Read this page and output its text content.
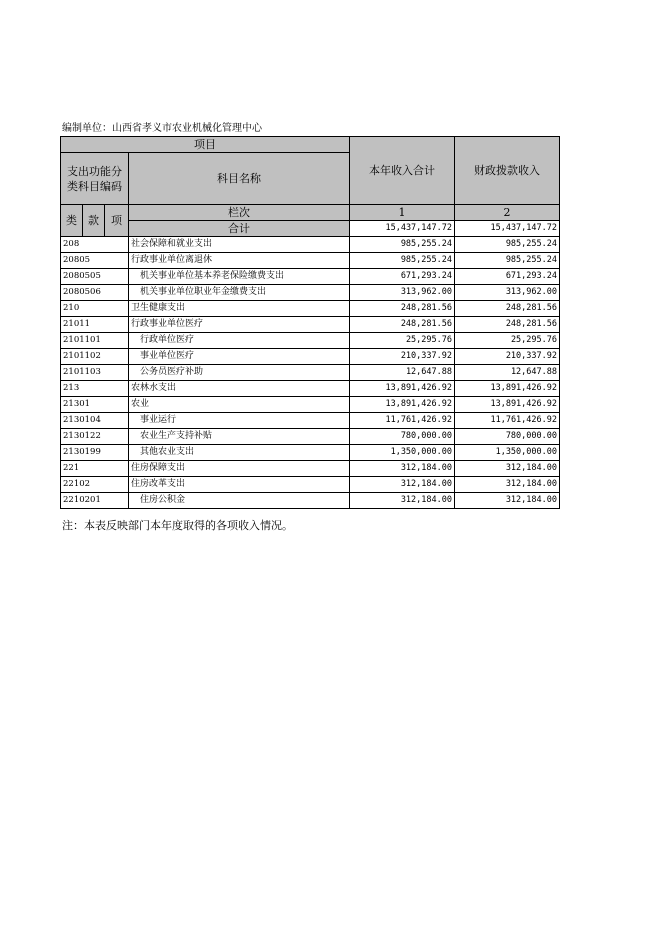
编制单位：山西省孝义市农业机械化管理中心
项目				本年收入合计	财政拨款收入
支出功能分类科目编码			科目名称		

类	款	项	栏次	1	2
			合计	15,437,147.72	15,437,147.72
208			社会保障和就业支出	985,255.24	985,255.24
20805			行政事业单位离退休	985,255.24	985,255.24
2080505			机关事业单位基本养老保险缴费支出	671,293.24	671,293.24
2080506			机关事业单位职业年金缴费支出	313,962.00	313,962.00
210			卫生健康支出	248,281.56	248,281.56
21011			行政事业单位医疗	248,281.56	248,281.56
2101101			行政单位医疗	25,295.76	25,295.76
2101102			事业单位医疗	210,337.92	210,337.92
2101103			公务员医疗补助	12,647.88	12,647.88
213			农林水支出	13,891,426.92	13,891,426.92
21301			农业	13,891,426.92	13,891,426.92
2130104			事业运行	11,761,426.92	11,761,426.92
2130122			农业生产支持补贴	780,000.00	780,000.00
2130199			其他农业支出	1,350,000.00	1,350,000.00
221			住房保障支出	312,184.00	312,184.00
22102			住房改革支出	312,184.00	312,184.00
2210201			住房公积金	312,184.00	312,184.00
注：本表反映部门本年度取得的各项收入情况。
